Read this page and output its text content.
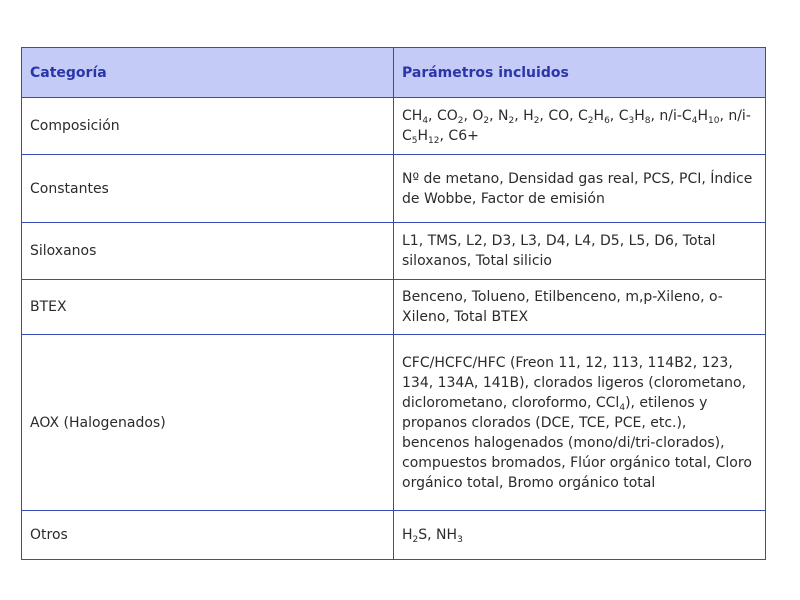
Categoría	Parámetros incluidos
Composición	$CH_4$, $CO_2$, $O_2$, $N_2$, $H_2$, CO, $C_2H_6$, $C_3H_8$, $n/i-C_4H_{10}$, $n/i-C_5H_{12}$, C6+
Constantes	Nº de metano, Densidad gas real, PCS, PCI, Índice de Wobbe, Factor de emisión
Siloxanos	L1, TMS, L2, D3, L3, D4, L4, D5, L5, D6, Total siloxanos, Total silicio
BTEX	Benceno, Tolueno, Etilbenceno, m,p-Xileno, o-Xileno, Total BTEX
AOX (Halogenados)	CFC/HCFC/HFC (Freon 11, 12, 113, 114B2, 123, 134, 134A, 141B), clorados ligeros (clorometano, diclorometano, cloroformo, CCl$_4$), etilenos y propanos clorados (DCE, TCE, PCE, etc.), bencenos halogenados (mono/di/tri-clorados), compuestos bromados, Flúor orgánico total, Cloro orgánico total, Bromo orgánico total
Otros	$H_2S$, $NH_3$
